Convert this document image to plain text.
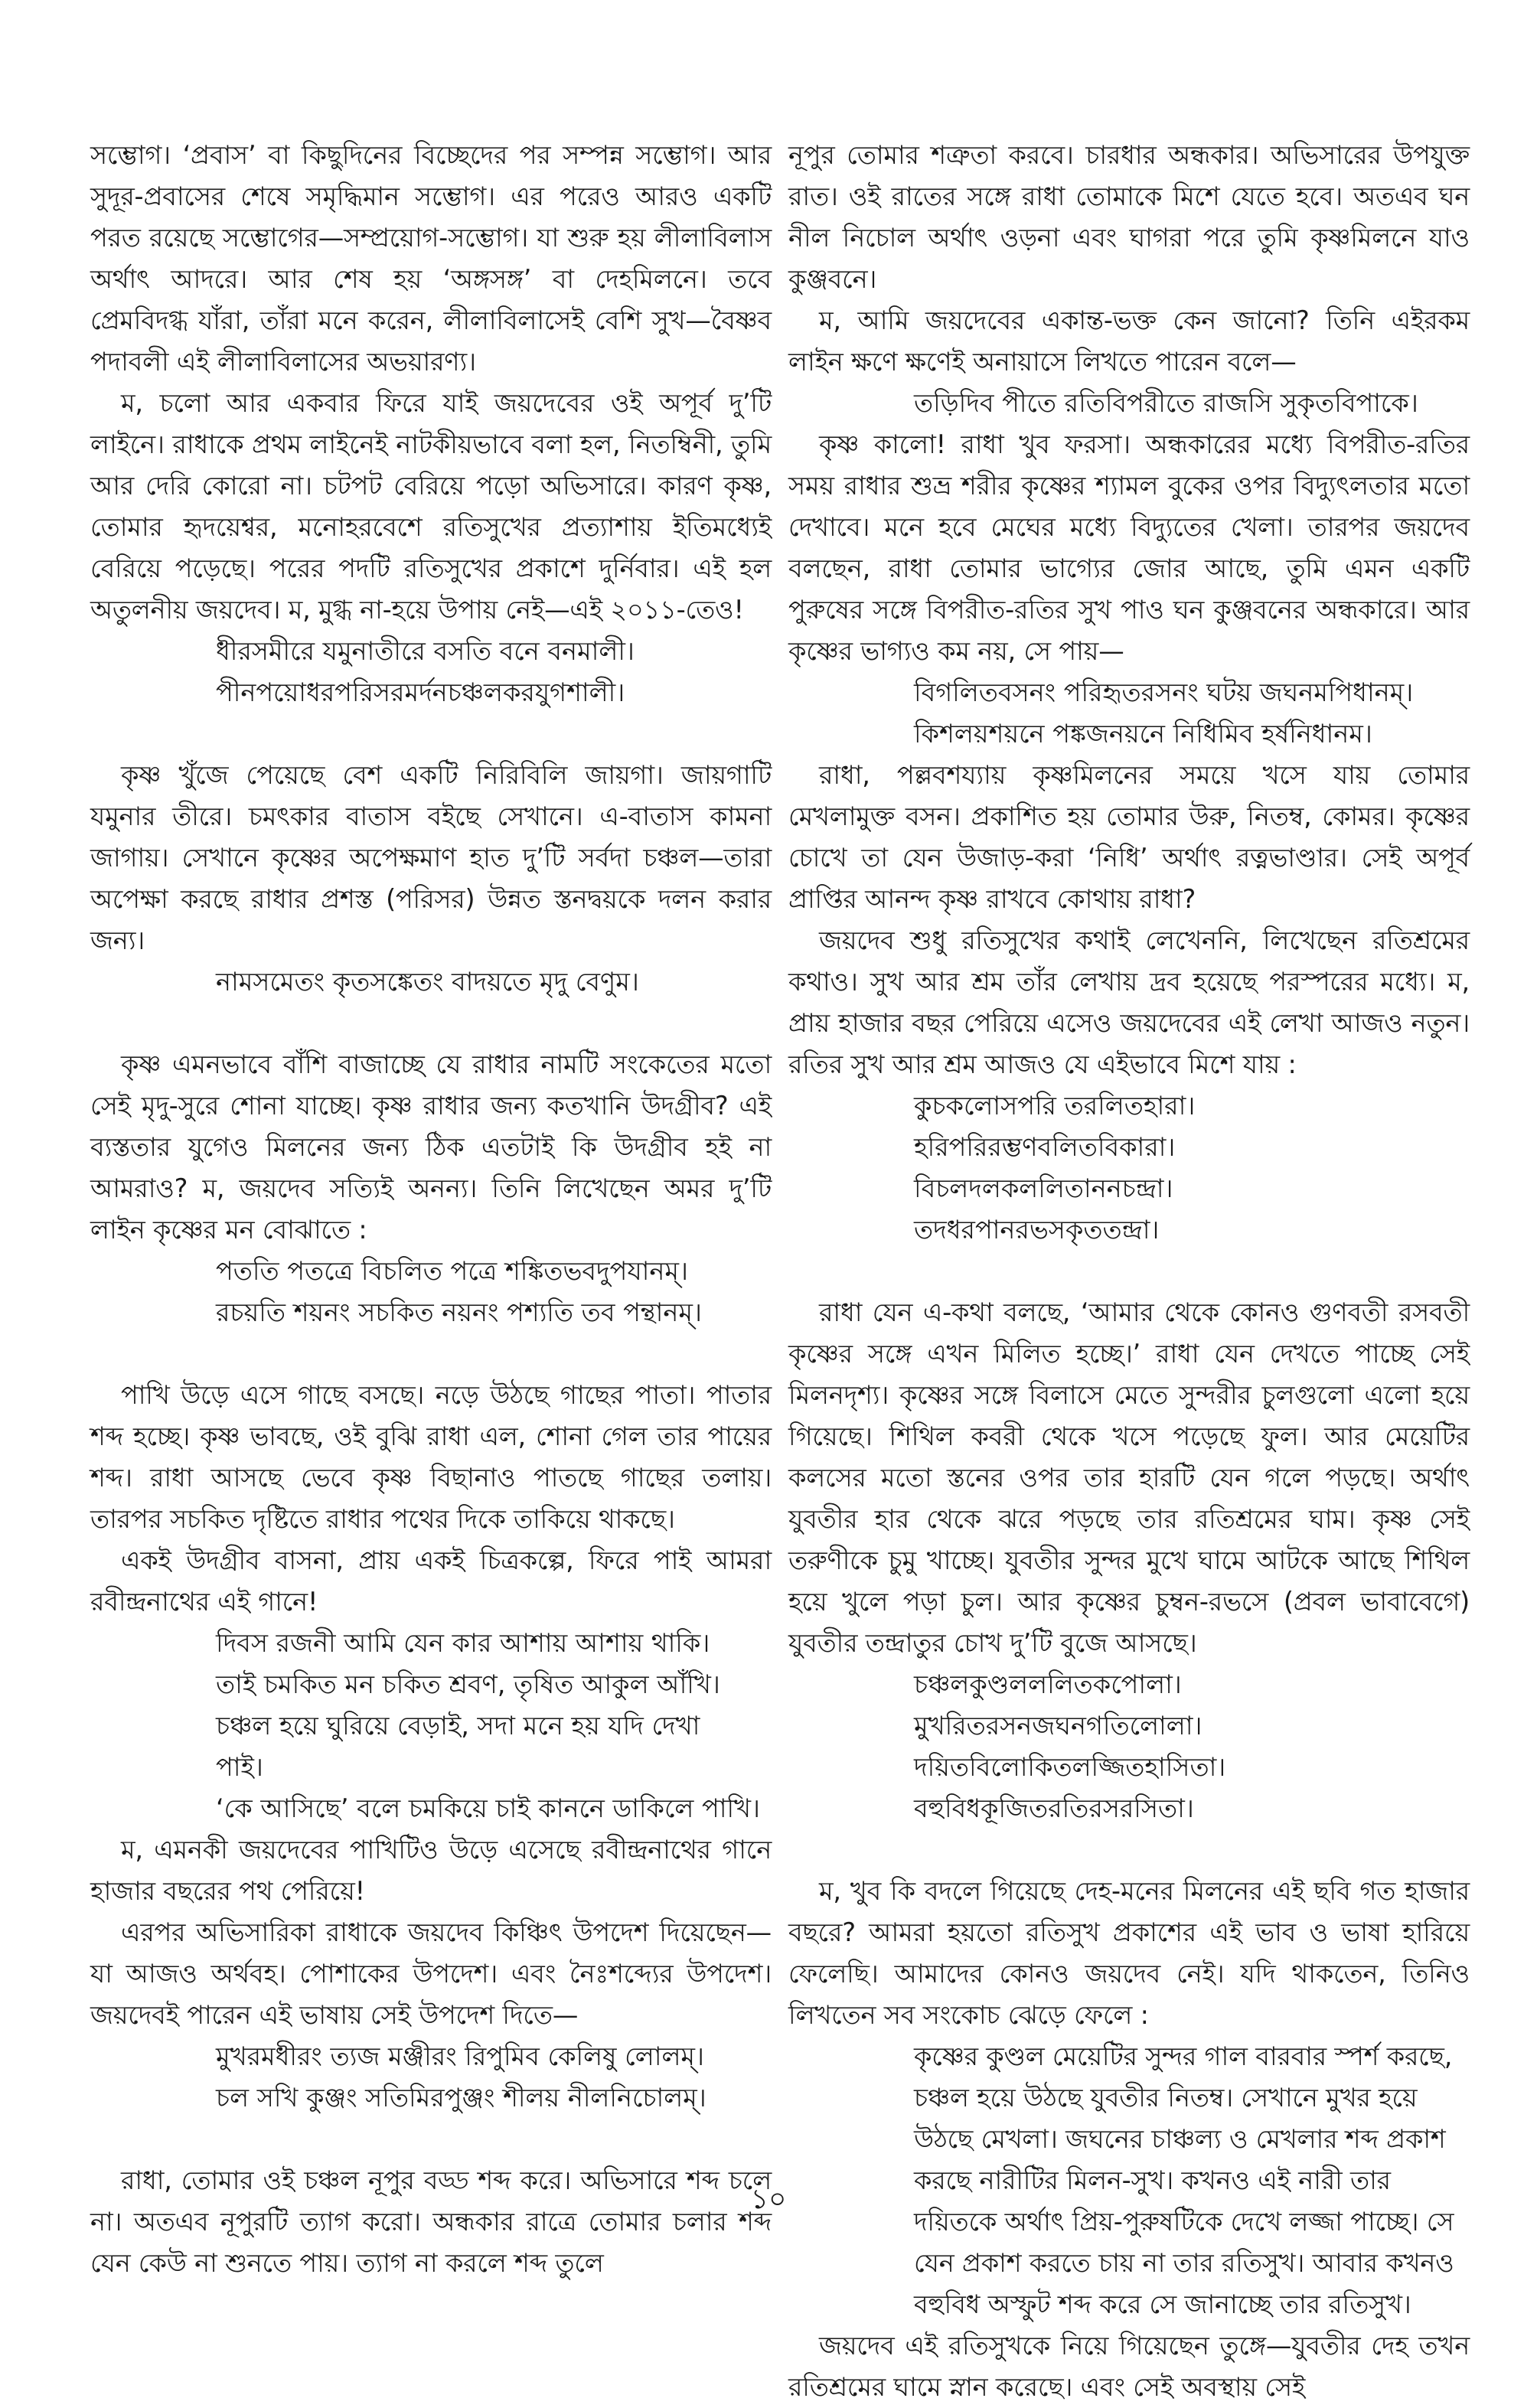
সম্ভোগ। ‘প্রবাস’ বা কিছুদিনের বিচ্ছেদের পর সম্পন্ন সম্ভোগ। আর সুদূর-প্রবাসের শেষে সমৃদ্ধিমান সম্ভোগ। এর পরেও আরও একটি পরত রয়েছে সম্ভোগের—সম্প্রয়োগ-সম্ভোগ। যা শুরু হয় লীলাবিলাস অর্থাৎ আদরে। আর শেষ হয় ‘অঙ্গসঙ্গ’ বা দেহমিলনে। তবে প্রেমবিদগ্ধ যাঁরা, তাঁরা মনে করেন, লীলাবিলাসেই বেশি সুখ—বৈষ্ণব পদাবলী এই লীলাবিলাসের অভয়ারণ্য।

ম, চলো আর একবার ফিরে যাই জয়দেবের ওই অপূর্ব দু’টি লাইনে। রাধাকে প্রথম লাইনেই নাটকীয়ভাবে বলা হল, নিতম্বিনী, তুমি আর দেরি কোরো না। চটপট বেরিয়ে পড়ো অভিসারে। কারণ কৃষ্ণ, তোমার হৃদয়েশ্বর, মনোহরবেশে রতিসুখের প্রত্যাশায় ইতিমধ্যেই বেরিয়ে পড়েছে। পরের পদটি রতিসুখের প্রকাশে দুর্নিবার। এই হল অতুলনীয় জয়দেব। ম, মুগ্ধ না-হয়ে উপায় নেই—এই ২০১১-তেও!

ধীরসমীরে যমুনাতীরে বসতি বনে বনমালী।
পীনপয়োধরপরিসরমর্দনচঞ্চলকরযুগশালী।

কৃষ্ণ খুঁজে পেয়েছে বেশ একটি নিরিবিলি জায়গা। জায়গাটি যমুনার তীরে। চমৎকার বাতাস বইছে সেখানে। এ-বাতাস কামনা জাগায়। সেখানে কৃষ্ণের অপেক্ষমাণ হাত দু’টি সর্বদা চঞ্চল—তারা অপেক্ষা করছে রাধার প্রশস্ত (পরিসর) উন্নত স্তনদ্বয়কে দলন করার জন্য।

নামসমেতং কৃতসঙ্কেতং বাদয়তে মৃদু বেণুম।

কৃষ্ণ এমনভাবে বাঁশি বাজাচ্ছে যে রাধার নামটি সংকেতের মতো সেই মৃদু-সুরে শোনা যাচ্ছে। কৃষ্ণ রাধার জন্য কতখানি উদগ্রীব? এই ব্যস্ততার যুগেও মিলনের জন্য ঠিক এতটাই কি উদগ্রীব হই না আমরাও? ম, জয়দেব সত্যিই অনন্য। তিনি লিখেছেন অমর দু’টি লাইন কৃষ্ণের মন বোঝাতে :

পততি পতত্রে বিচলিত পত্রে শঙ্কিতভবদুপযানম্।
রচয়তি শয়নং সচকিত নয়নং পশ্যতি তব পন্থানম্।

পাখি উড়ে এসে গাছে বসছে। নড়ে উঠছে গাছের পাতা। পাতার শব্দ হচ্ছে। কৃষ্ণ ভাবছে, ওই বুঝি রাধা এল, শোনা গেল তার পায়ের শব্দ। রাধা আসছে ভেবে কৃষ্ণ বিছানাও পাতছে গাছের তলায়। তারপর সচকিত দৃষ্টিতে রাধার পথের দিকে তাকিয়ে থাকছে।

একই উদগ্রীব বাসনা, প্রায় একই চিত্রকল্পে, ফিরে পাই আমরা রবীন্দ্রনাথের এই গানে!

দিবস রজনী আমি যেন কার আশায় আশায় থাকি।
তাই চমকিত মন চকিত শ্রবণ, তৃষিত আকুল আঁখি।
চঞ্চল হয়ে ঘুরিয়ে বেড়াই, সদা মনে হয় যদি দেখা
পাই।
‘কে আসিছে’ বলে চমকিয়ে চাই কাননে ডাকিলে পাখি।

ম, এমনকী জয়দেবের পাখিটিও উড়ে এসেছে রবীন্দ্রনাথের গানে হাজার বছরের পথ পেরিয়ে!

এরপর অভিসারিকা রাধাকে জয়দেব কিঞ্চিৎ উপদেশ দিয়েছেন—যা আজও অর্থবহ। পোশাকের উপদেশ। এবং নৈঃশব্দ্যের উপদেশ। জয়দেবই পারেন এই ভাষায় সেই উপদেশ দিতে—

মুখরমধীরং ত্যজ মঞ্জীরং রিপুমিব কেলিষু লোলম্।
চল সখি কুঞ্জং সতিমিরপুঞ্জং শীলয় নীলনিচোলম্।

রাধা, তোমার ওই চঞ্চল নূপুর বড্ড শব্দ করে। অভিসারে শব্দ চলে না। অতএব নূপুরটি ত্যাগ করো। অন্ধকার রাত্রে তোমার চলার শব্দ যেন কেউ না শুনতে পায়। ত্যাগ না করলে শব্দ তুলে

নূপুর তোমার শত্রুতা করবে। চারধার অন্ধকার। অভিসারের উপযুক্ত রাত। ওই রাতের সঙ্গে রাধা তোমাকে মিশে যেতে হবে। অতএব ঘন নীল নিচোল অর্থাৎ ওড়না এবং ঘাগরা পরে তুমি কৃষ্ণমিলনে যাও কুঞ্জবনে।

ম, আমি জয়দেবের একান্ত-ভক্ত কেন জানো? তিনি এইরকম লাইন ক্ষণে ক্ষণেই অনায়াসে লিখতে পারেন বলে—

তড়িদিব পীতে রতিবিপরীতে রাজসি সুকৃতবিপাকে।

কৃষ্ণ কালো! রাধা খুব ফরসা। অন্ধকারের মধ্যে বিপরীত-রতির সময় রাধার শুভ্র শরীর কৃষ্ণের শ্যামল বুকের ওপর বিদ্যুৎলতার মতো দেখাবে। মনে হবে মেঘের মধ্যে বিদ্যুতের খেলা। তারপর জয়দেব বলছেন, রাধা তোমার ভাগ্যের জোর আছে, তুমি এমন একটি পুরুষের সঙ্গে বিপরীত-রতির সুখ পাও ঘন কুঞ্জবনের অন্ধকারে। আর কৃষ্ণের ভাগ্যও কম নয়, সে পায়—

বিগলিতবসনং পরিহৃতরসনং ঘটয় জঘনমপিধানম্।
কিশলয়শয়নে পঙ্কজনয়নে নিধিমিব হর্ষনিধানম।

রাধা, পল্লবশয্যায় কৃষ্ণমিলনের সময়ে খসে যায় তোমার মেখলামুক্ত বসন। প্রকাশিত হয় তোমার উরু, নিতম্ব, কোমর। কৃষ্ণের চোখে তা যেন উজাড়-করা ‘নিধি’ অর্থাৎ রত্নভাণ্ডার। সেই অপূর্ব প্রাপ্তির আনন্দ কৃষ্ণ রাখবে কোথায় রাধা?

জয়দেব শুধু রতিসুখের কথাই লেখেননি, লিখেছেন রতিশ্রমের কথাও। সুখ আর শ্রম তাঁর লেখায় দ্রব হয়েছে পরস্পরের মধ্যে। ম, প্রায় হাজার বছর পেরিয়ে এসেও জয়দেবের এই লেখা আজও নতুন। রতির সুখ আর শ্রম আজও যে এইভাবে মিশে যায় :

কুচকলোসপরি তরলিতহারা।
হরিপরিরম্ভণবলিতবিকারা।
বিচলদলকললিতাননচন্দ্রা।
তদধরপানরভসকৃততন্দ্রা।

রাধা যেন এ-কথা বলছে, ‘আমার থেকে কোনও গুণবতী রসবতী কৃষ্ণের সঙ্গে এখন মিলিত হচ্ছে।’ রাধা যেন দেখতে পাচ্ছে সেই মিলনদৃশ্য। কৃষ্ণের সঙ্গে বিলাসে মেতে সুন্দরীর চুলগুলো এলো হয়ে গিয়েছে। শিথিল কবরী থেকে খসে পড়েছে ফুল। আর মেয়েটির কলসের মতো স্তনের ওপর তার হারটি যেন গলে পড়ছে। অর্থাৎ যুবতীর হার থেকে ঝরে পড়ছে তার রতিশ্রমের ঘাম। কৃষ্ণ সেই তরুণীকে চুমু খাচ্ছে। যুবতীর সুন্দর মুখে ঘামে আটকে আছে শিথিল হয়ে খুলে পড়া চুল। আর কৃষ্ণের চুম্বন-রভসে (প্রবল ভাবাবেগে) যুবতীর তন্দ্রাতুর চোখ দু’টি বুজে আসছে।

চঞ্চলকুণ্ডলললিতকপোলা।
মুখরিতরসনজঘনগতিলোলা।
দয়িতবিলোকিতলজ্জিতহাসিতা।
বহুবিধকূজিতরতিরসরসিতা।

ম, খুব কি বদলে গিয়েছে দেহ-মনের মিলনের এই ছবি গত হাজার বছরে? আমরা হয়তো রতিসুখ প্রকাশের এই ভাব ও ভাষা হারিয়ে ফেলেছি। আমাদের কোনও জয়দেব নেই। যদি থাকতেন, তিনিও লিখতেন সব সংকোচ ঝেড়ে ফেলে :

কৃষ্ণের কুণ্ডল মেয়েটির সুন্দর গাল বারবার স্পর্শ করছে, চঞ্চল হয়ে উঠছে যুবতীর নিতম্ব। সেখানে মুখর হয়ে উঠছে মেখলা। জঘনের চাঞ্চল্য ও মেখলার শব্দ প্রকাশ করছে নারীটির মিলন-সুখ। কখনও এই নারী তার দয়িতকে অর্থাৎ প্রিয়-পুরুষটিকে দেখে লজ্জা পাচ্ছে। সে যেন প্রকাশ করতে চায় না তার রতিসুখ। আবার কখনও বহুবিধ অস্ফুট শব্দ করে সে জানাচ্ছে তার রতিসুখ।

জয়দেব এই রতিসুখকে নিয়ে গিয়েছেন তুঙ্গে—যুবতীর দেহ তখন রতিশ্রমের ঘামে স্নান করেছে। এবং সেই অবস্থায় সেই

১০
